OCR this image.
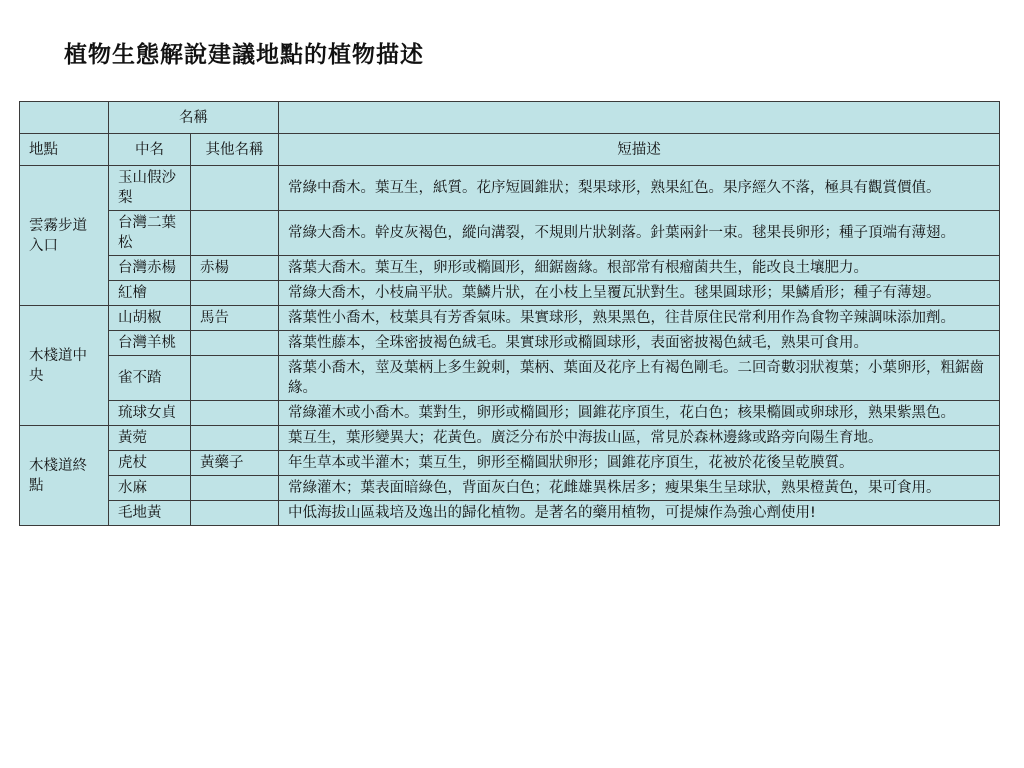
植物生態解說建議地點的植物描述
	名稱		
地點	中名	其他名稱	短描述
雲霧步道入口	玉山假沙梨		常綠中喬木。葉互生，紙質。花序短圓錐狀；梨果球形，熟果紅色。果序經久不落，極具有觀賞價值。
	台灣二葉松		常綠大喬木。幹皮灰褐色，縱向溝裂，不規則片狀剝落。針葉兩針一束。毬果長卵形；種子頂端有薄翅。
	台灣赤楊	赤楊	落葉大喬木。葉互生，卵形或橢圓形，細鋸齒緣。根部常有根瘤菌共生，能改良土壤肥力。
	紅檜		常綠大喬木，小枝扁平狀。葉鱗片狀，在小枝上呈覆瓦狀對生。毬果圓球形；果鱗盾形；種子有薄翅。
木棧道中央	山胡椒	馬告	落葉性小喬木，枝葉具有芳香氣味。果實球形，熟果黑色，往昔原住民常利用作為食物辛辣調味添加劑。
	台灣羊桃		落葉性藤本，全珠密披褐色絨毛。果實球形或橢圓球形，表面密披褐色絨毛，熟果可食用。
	雀不踏		落葉小喬木，莖及葉柄上多生銳刺，葉柄、葉面及花序上有褐色剛毛。二回奇數羽狀複葉；小葉卵形，粗鋸齒緣。
	琉球女貞		常綠灌木或小喬木。葉對生，卵形或橢圓形；圓錐花序頂生，花白色；核果橢圓或卵球形，熟果紫黑色。
木棧道終點	黃菀		葉互生，葉形變異大；花黃色。廣泛分布於中海拔山區，常見於森林邊緣或路旁向陽生育地。
	虎杖	黃藥子	年生草本或半灌木；葉互生，卵形至橢圓狀卵形；圓錐花序頂生，花被於花後呈乾膜質。
	水麻		常綠灌木；葉表面暗綠色，背面灰白色；花雌雄異株居多；瘦果集生呈球狀，熟果橙黃色，果可食用。
	毛地黃		中低海拔山區栽培及逸出的歸化植物。是著名的藥用植物，可提煉作為強心劑使用!
